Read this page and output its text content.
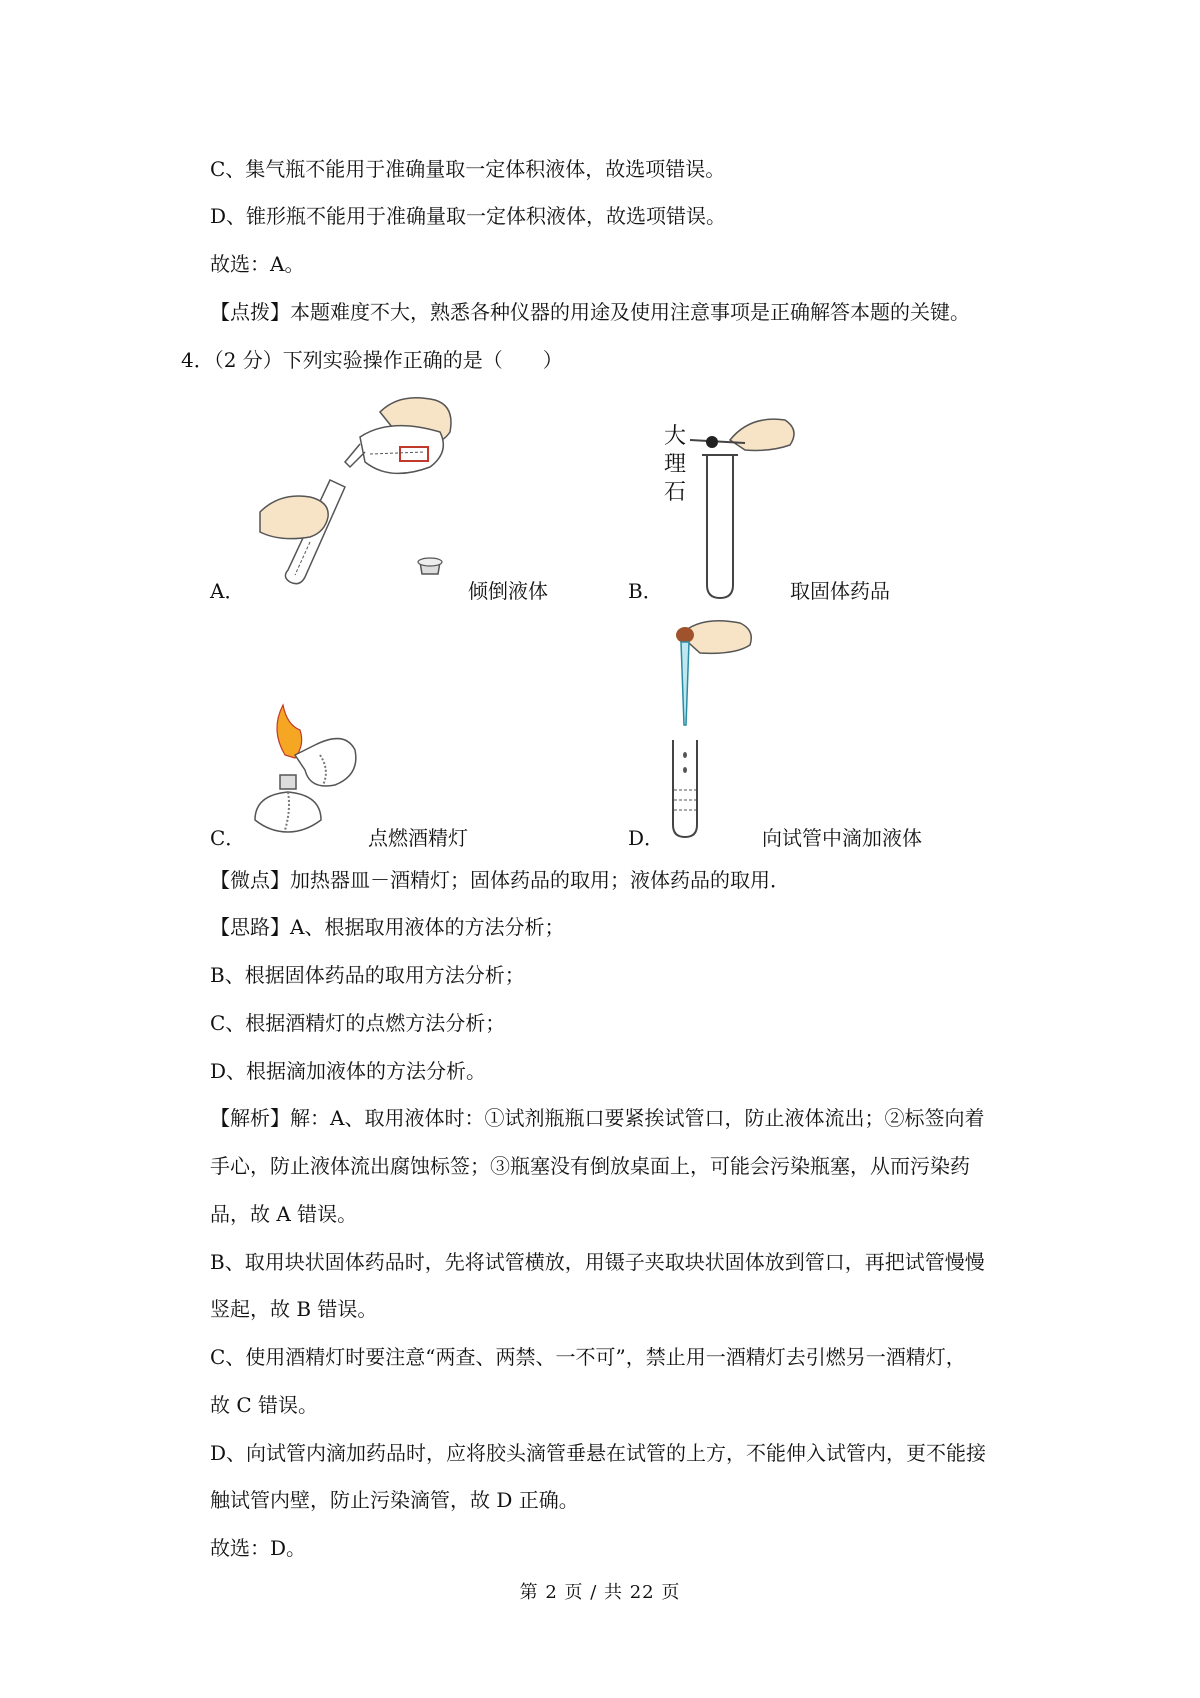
C、集气瓶不能用于准确量取一定体积液体，故选项错误。
D、锥形瓶不能用于准确量取一定体积液体，故选项错误。
故选：A。
【点拨】本题难度不大，熟悉各种仪器的用途及使用注意事项是正确解答本题的关键。
4．（2 分）下列实验操作正确的是（　　）
大
理
石
A．	倾倒液体	B．	取固体药品
C．	点燃酒精灯	D．	向试管中滴加液体
【微点】加热器皿－酒精灯；固体药品的取用；液体药品的取用．
【思路】A、根据取用液体的方法分析；
B、根据固体药品的取用方法分析；
C、根据酒精灯的点燃方法分析；
D、根据滴加液体的方法分析。
【解析】解：A、取用液体时：①试剂瓶瓶口要紧挨试管口，防止液体流出；②标签向着
手心，防止液体流出腐蚀标签；③瓶塞没有倒放桌面上，可能会污染瓶塞，从而污染药
品，故 A 错误。
B、取用块状固体药品时，先将试管横放，用镊子夹取块状固体放到管口，再把试管慢慢
竖起，故 B 错误。
C、使用酒精灯时要注意“两查、两禁、一不可”，禁止用一酒精灯去引燃另一酒精灯，
故 C 错误。
D、向试管内滴加药品时，应将胶头滴管垂悬在试管的上方，不能伸入试管内，更不能接
触试管内壁，防止污染滴管，故 D 正确。
故选：D。
第 2 页 / 共 22 页
